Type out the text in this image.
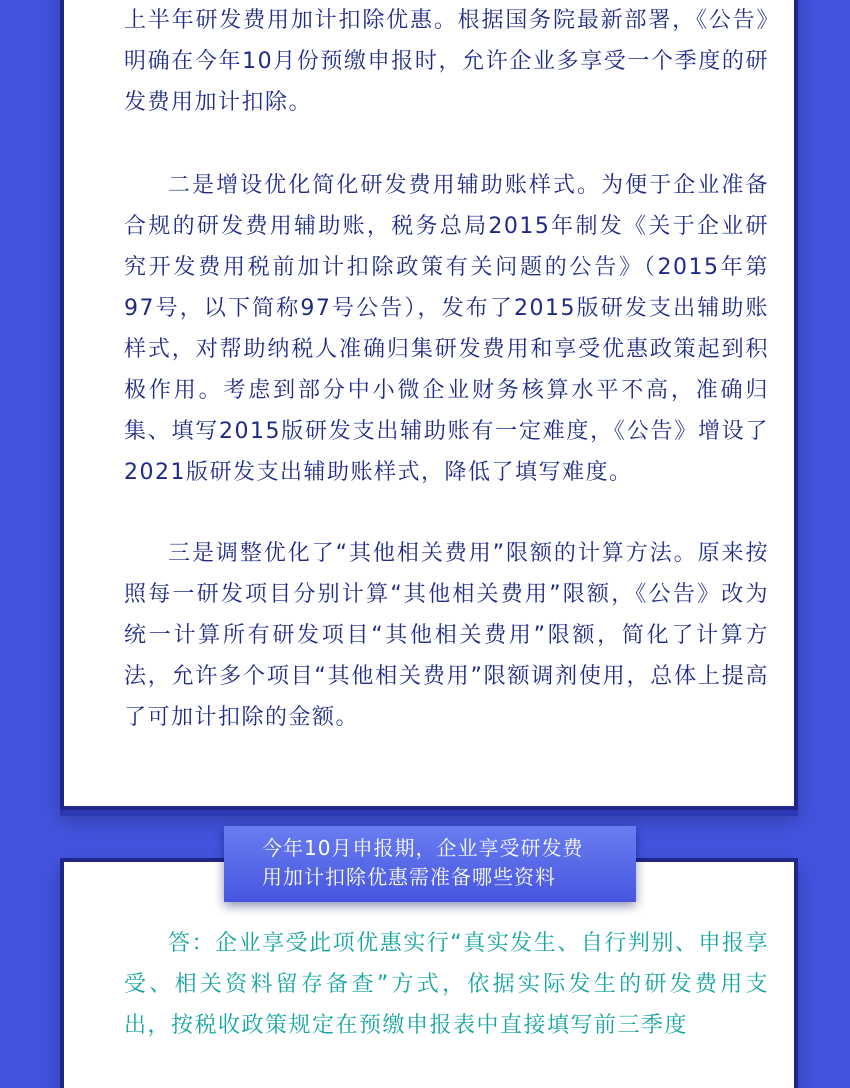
上半年研发费用加计扣除优惠。根据国务院最新部署，《公告》明确在今年10月份预缴申报时，允许企业多享受一个季度的研发费用加计扣除。

二是增设优化简化研发费用辅助账样式。为便于企业准备合规的研发费用辅助账，税务总局2015年制发《关于企业研究开发费用税前加计扣除政策有关问题的公告》（2015年第97号，以下简称97号公告），发布了2015版研发支出辅助账样式，对帮助纳税人准确归集研发费用和享受优惠政策起到积极作用。考虑到部分中小微企业财务核算水平不高，准确归集、填写2015版研发支出辅助账有一定难度，《公告》增设了2021版研发支出辅助账样式，降低了填写难度。

三是调整优化了“其他相关费用”限额的计算方法。原来按照每一研发项目分别计算“其他相关费用”限额，《公告》改为统一计算所有研发项目“其他相关费用”限额，简化了计算方法，允许多个项目“其他相关费用”限额调剂使用，总体上提高了可加计扣除的金额。

今年10月申报期，企业享受研发费
用加计扣除优惠需准备哪些资料

答：企业享受此项优惠实行“真实发生、自行判别、申报享受、相关资料留存备查”方式，依据实际发生的研发费用支出，按税收政策规定在预缴申报表中直接填写前三季度
